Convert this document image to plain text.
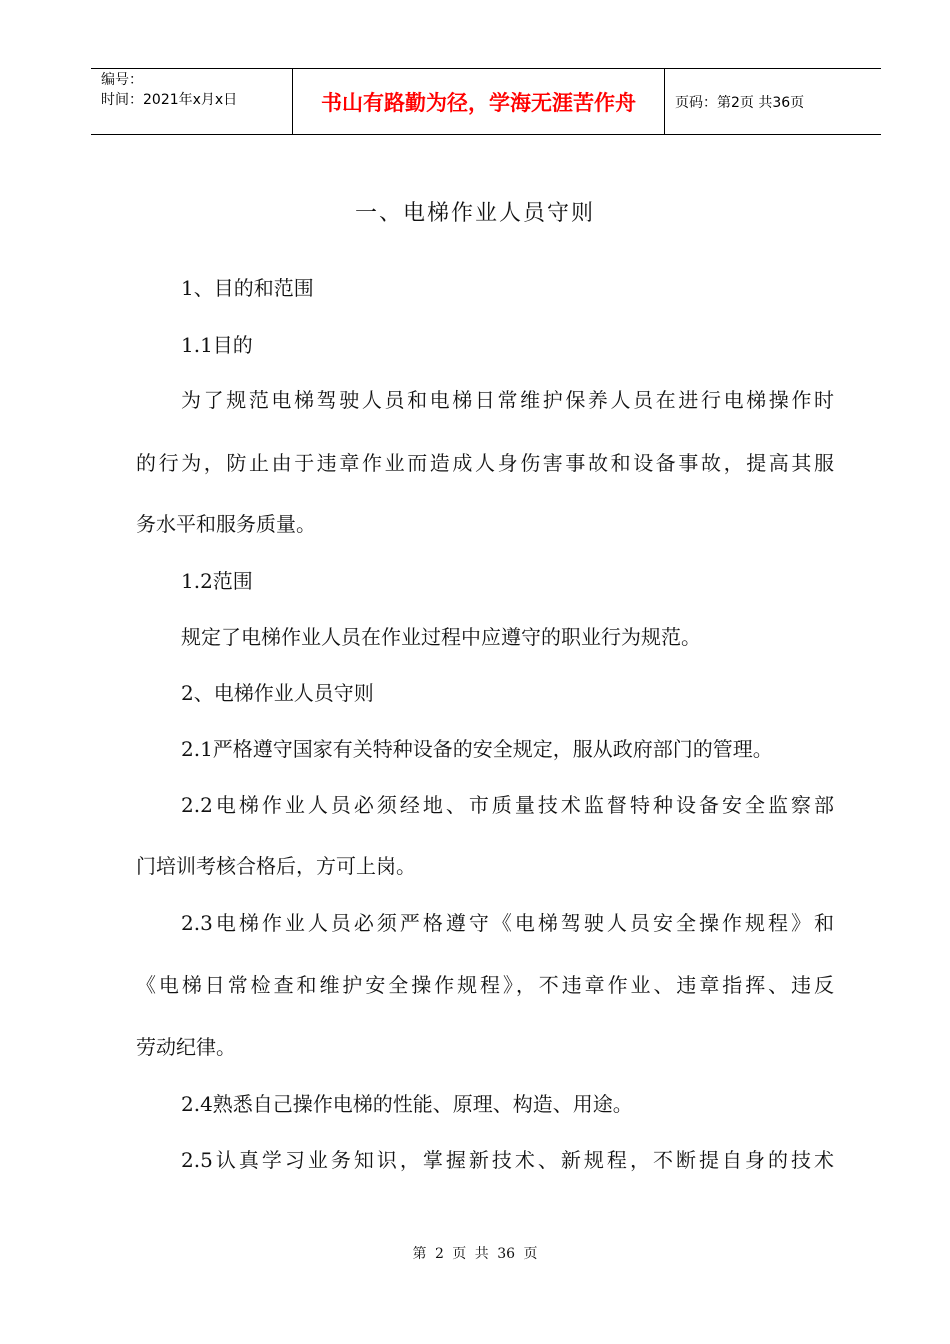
编号：
时间：2021年x月x日	书山有路勤为径，学海无涯苦作舟	页码：第2页 共36页
一、电梯作业人员守则
1、目的和范围
1.1目的
为了规范电梯驾驶人员和电梯日常维护保养人员在进行电梯操作时
的行为，防止由于违章作业而造成人身伤害事故和设备事故，提高其服
务水平和服务质量。
1.2范围
规定了电梯作业人员在作业过程中应遵守的职业行为规范。
2、电梯作业人员守则
2.1严格遵守国家有关特种设备的安全规定，服从政府部门的管理。
2.2电梯作业人员必须经地、市质量技术监督特种设备安全监察部
门培训考核合格后，方可上岗。
2.3电梯作业人员必须严格遵守《电梯驾驶人员安全操作规程》和
《电梯日常检查和维护安全操作规程》，不违章作业、违章指挥、违反
劳动纪律。
2.4熟悉自己操作电梯的性能、原理、构造、用途。
2.5认真学习业务知识，掌握新技术、新规程，不断提自身的技术
第 2 页 共 36 页
